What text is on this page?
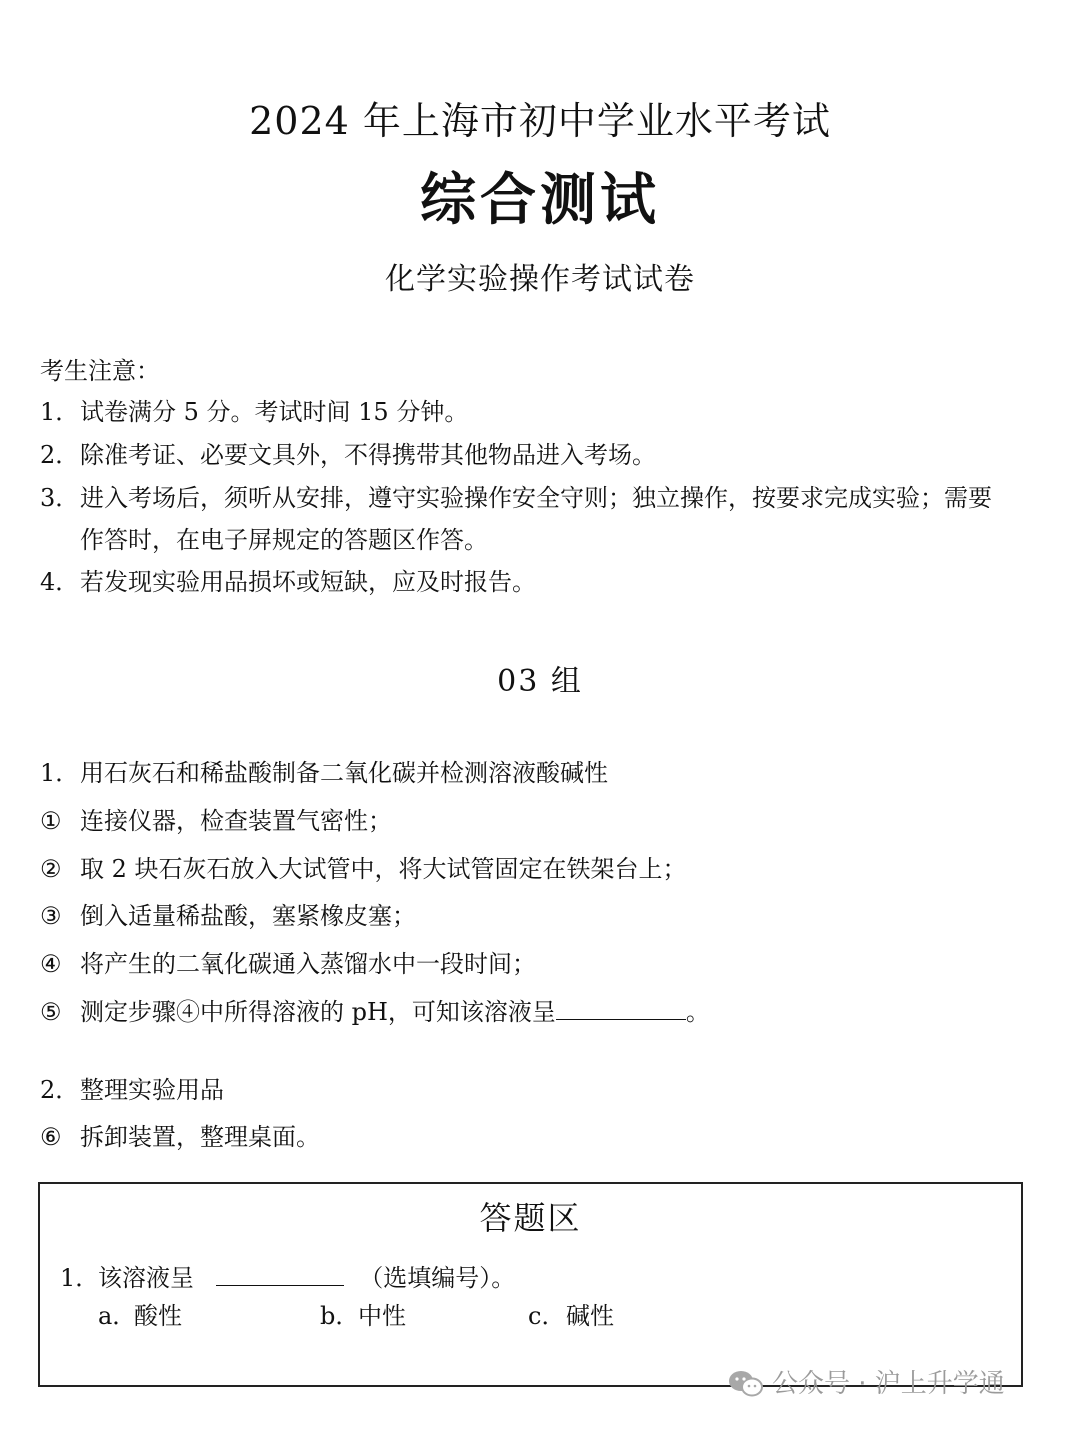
2024 年上海市初中学业水平考试
综合测试
化学实验操作考试试卷
考生注意：
1．试卷满分 5 分。考试时间 15 分钟。
2．除准考证、必要文具外，不得携带其他物品进入考场。
3．进入考场后，须听从安排，遵守实验操作安全守则；独立操作，按要求完成实验；需要
作答时，在电子屏规定的答题区作答。
4．若发现实验用品损坏或短缺，应及时报告。
03 组
1．用石灰石和稀盐酸制备二氧化碳并检测溶液酸碱性
① 连接仪器，检查装置气密性；
② 取 2 块石灰石放入大试管中，将大试管固定在铁架台上；
③ 倒入适量稀盐酸，塞紧橡皮塞；
④ 将产生的二氧化碳通入蒸馏水中一段时间；
⑤ 测定步骤④中所得溶液的 pH，可知该溶液呈	。
2．整理实验用品
⑥ 拆卸装置，整理桌面。
答题区
1．该溶液呈	（选填编号）。
a．酸性	b．中性	c．碱性
公众号 · 沪上升学通
